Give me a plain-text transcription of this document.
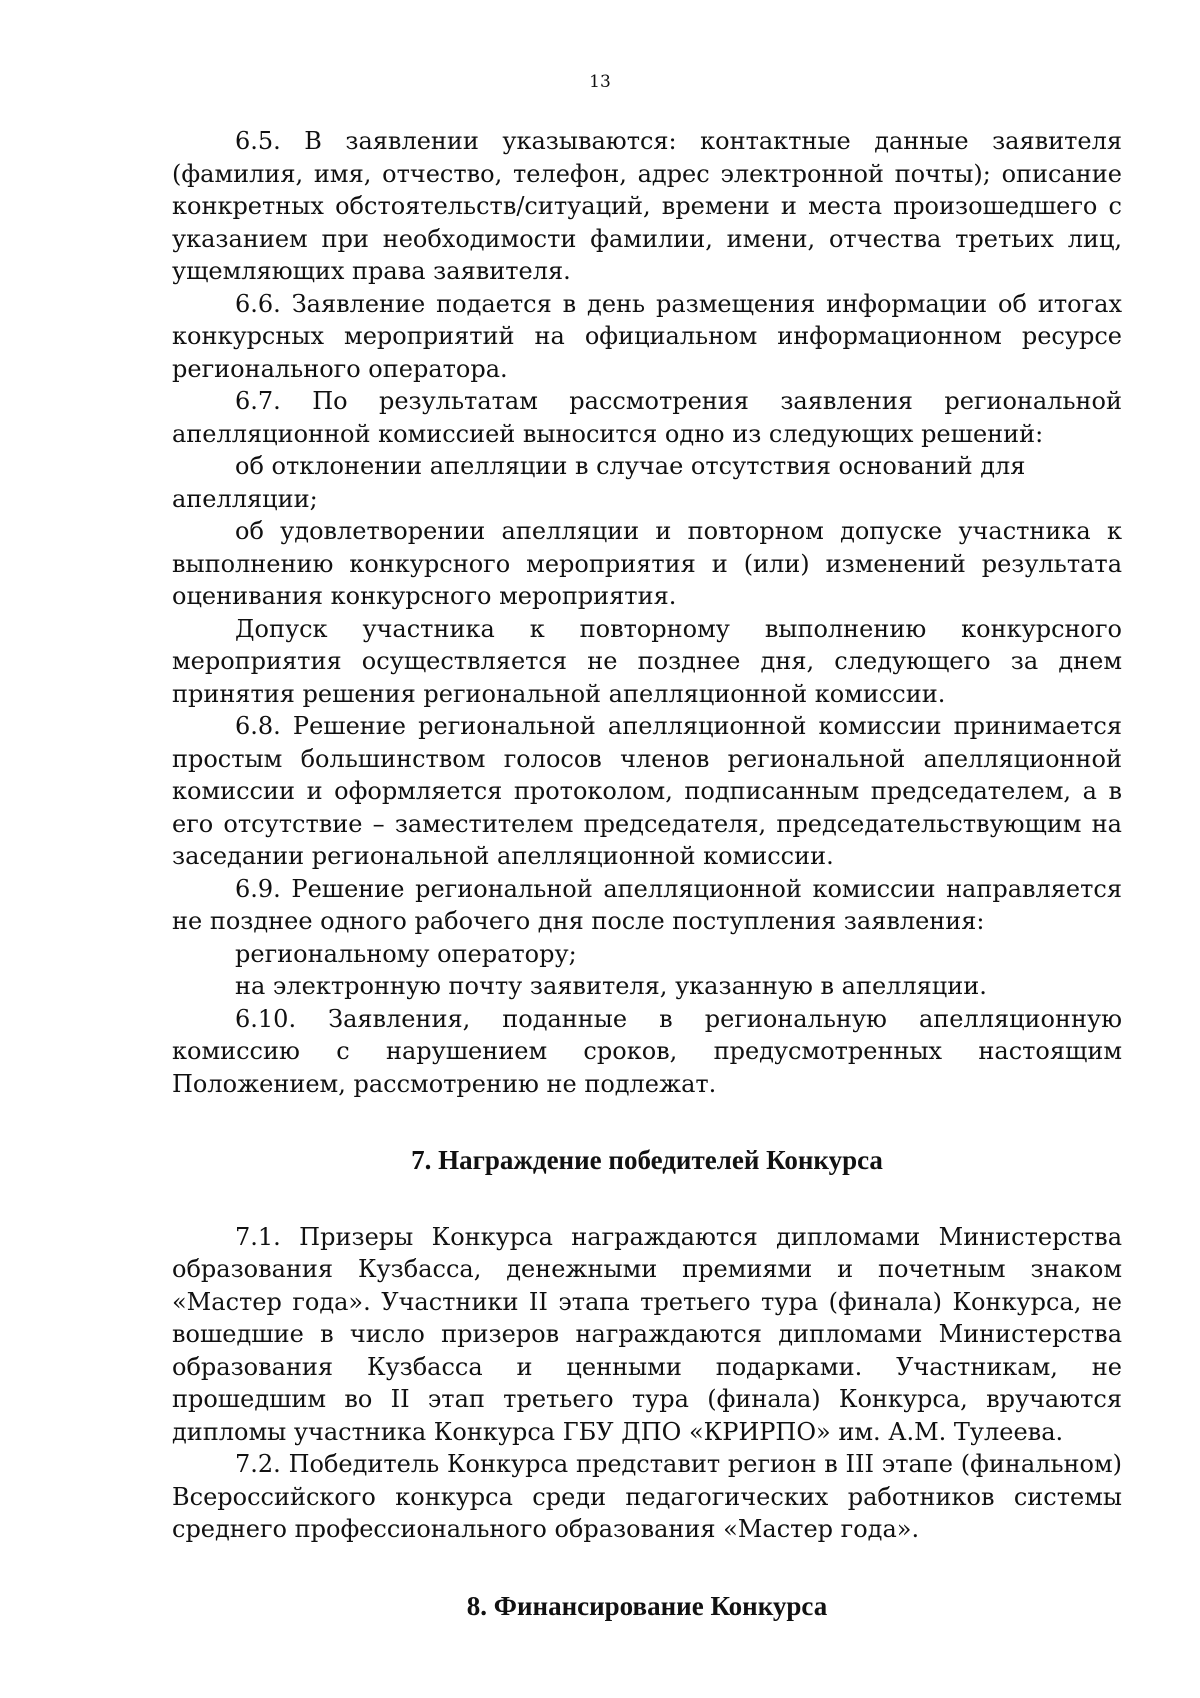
13

6.5. В заявлении указываются: контактные данные заявителя (фамилия, имя, отчество, телефон, адрес электронной почты); описание конкретных обстоятельств/ситуаций, времени и места произошедшего с указанием при необходимости фамилии, имени, отчества третьих лиц, ущемляющих права заявителя.

6.6. Заявление подается в день размещения информации об итогах конкурсных мероприятий на официальном информационном ресурсе регионального оператора.

6.7. По результатам рассмотрения заявления региональной апелляционной комиссией выносится одно из следующих решений:

об отклонении апелляции в случае отсутствия оснований для апелляции;

об удовлетворении апелляции и повторном допуске участника к выполнению конкурсного мероприятия и (или) изменений результата оценивания конкурсного мероприятия.

Допуск участника к повторному выполнению конкурсного мероприятия осуществляется не позднее дня, следующего за днем принятия решения региональной апелляционной комиссии.

6.8. Решение региональной апелляционной комиссии принимается простым большинством голосов членов региональной апелляционной комиссии и оформляется протоколом, подписанным председателем, а в его отсутствие – заместителем председателя, председательствующим на заседании региональной апелляционной комиссии.

6.9. Решение региональной апелляционной комиссии направляется не позднее одного рабочего дня после поступления заявления:

региональному оператору;

на электронную почту заявителя, указанную в апелляции.

6.10. Заявления, поданные в региональную апелляционную комиссию с нарушением сроков, предусмотренных настоящим Положением, рассмотрению не подлежат.

7. Награждение победителей Конкурса

7.1. Призеры Конкурса награждаются дипломами Министерства образования Кузбасса, денежными премиями и почетным знаком «Мастер года». Участники II этапа третьего тура (финала) Конкурса, не вошедшие в число призеров награждаются дипломами Министерства образования Кузбасса и ценными подарками. Участникам, не прошедшим во II этап третьего тура (финала) Конкурса, вручаются дипломы участника Конкурса ГБУ ДПО «КРИРПО» им. А.М. Тулеева.

7.2. Победитель Конкурса представит регион в III этапе (финальном) Всероссийского конкурса среди педагогических работников системы среднего профессионального образования «Мастер года».

8. Финансирование Конкурса
